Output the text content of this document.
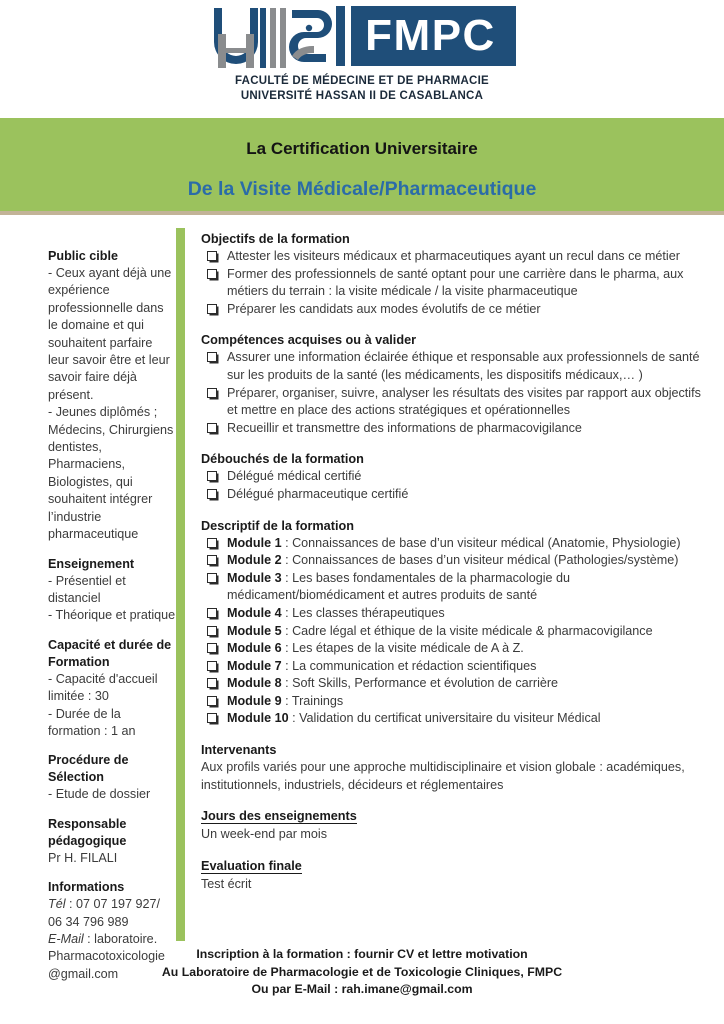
FMPC
FACULTÉ DE MÉDECINE ET DE PHARMACIE
UNIVERSITÉ HASSAN II DE CASABLANCA
La Certification Universitaire
De la Visite Médicale/Pharmaceutique
Public cible
- Ceux ayant déjà une expérience professionnelle dans le domaine et qui souhaitent parfaire leur savoir être et leur savoir faire déjà présent.
- Jeunes diplômés ; Médecins, Chirurgiens dentistes, Pharmaciens, Biologistes, qui souhaitent intégrer l’industrie pharmaceutique
Enseignement
- Présentiel et distanciel
- Théorique et pratique
Capacité et durée de Formation
- Capacité d'accueil limitée : 30
- Durée de la formation : 1 an
Procédure de Sélection
- Etude de dossier
Responsable pédagogique
Pr H. FILALI
Informations
Tél : 07 07 197 927/ 06 34 796 989
E-Mail : laboratoire. Pharmacotoxicologie @gmail.com
Objectifs de la formation
Attester les visiteurs médicaux et pharmaceutiques ayant un recul dans ce métier
Former des professionnels de santé optant pour une carrière dans le pharma, aux métiers du terrain : la visite médicale / la visite pharmaceutique
Préparer les candidats aux modes évolutifs de ce métier
Compétences acquises ou à valider
Assurer une information éclairée éthique et responsable aux professionnels de santé sur les produits de la santé (les médicaments, les dispositifs médicaux,… )
Préparer, organiser, suivre, analyser les résultats des visites par rapport aux objectifs et mettre en place des actions stratégiques et opérationnelles
Recueillir et transmettre des informations de pharmacovigilance
Débouchés de la formation
Délégué médical certifié
Délégué pharmaceutique certifié
Descriptif de la formation
Module 1 : Connaissances de base d’un visiteur médical (Anatomie, Physiologie)
Module 2 : Connaissances de bases d’un visiteur médical (Pathologies/système)
Module 3 : Les bases fondamentales de la pharmacologie du médicament/biomédicament et autres produits de santé
Module 4 : Les classes thérapeutiques
Module 5 : Cadre légal et éthique de la visite médicale & pharmacovigilance
Module 6 : Les étapes de la visite médicale de A à Z.
Module 7 : La communication et rédaction scientifiques
Module 8 : Soft Skills, Performance et évolution de carrière
Module 9 : Trainings
Module 10 : Validation du certificat universitaire du visiteur Médical
Intervenants
Aux profils variés pour une approche multidisciplinaire et vision globale : académiques, institutionnels, industriels, décideurs et réglementaires
Jours des enseignements
Un week-end par mois
Evaluation finale
Test écrit
Inscription à la formation : fournir CV et lettre motivation
Au Laboratoire de Pharmacologie et de Toxicologie Cliniques, FMPC
Ou par E-Mail : rah.imane@gmail.com
